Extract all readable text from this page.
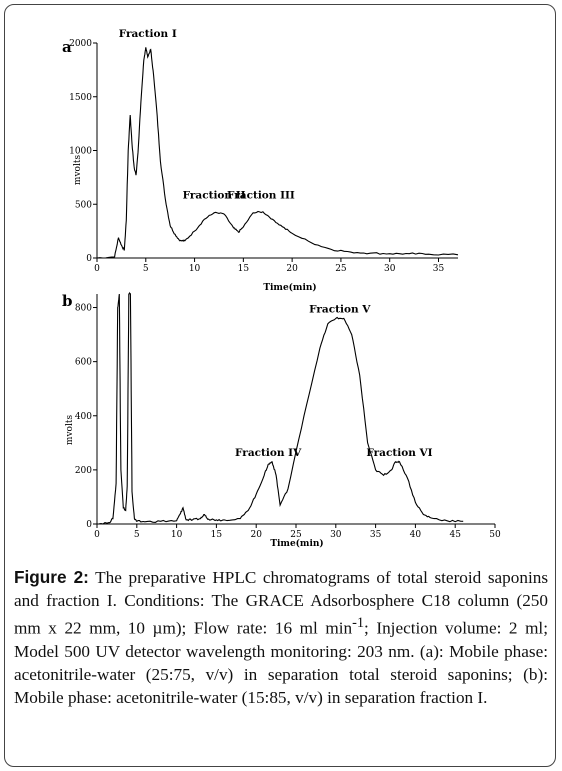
a
0	5	10	15	20	25	30	35
0
500
1000
1500
2000
Fraction I
Fraction II
Fraction III
Time(min)
mvolts
b
0	5	10	15	20	25	30	35	40	45	50
0
200
400
600
800
Fraction IV
Fraction V
Fraction VI
Time(min)
mvolts
Figure 2: The preparative HPLC chromatograms of total steroid saponins and fraction I. Conditions: The GRACE Adsorbosphere C18 column (250 mm x 22 mm, 10 µm); Flow rate: 16 ml $\min^{-1}$; Injection volume: 2 ml; Model 500 UV detector wavelength monitoring: 203 nm. (a): Mobile phase: acetonitrile-water (25:75, v/v) in separation total steroid saponins; (b): Mobile phase: acetonitrile-water (15:85, v/v) in separation fraction I.
